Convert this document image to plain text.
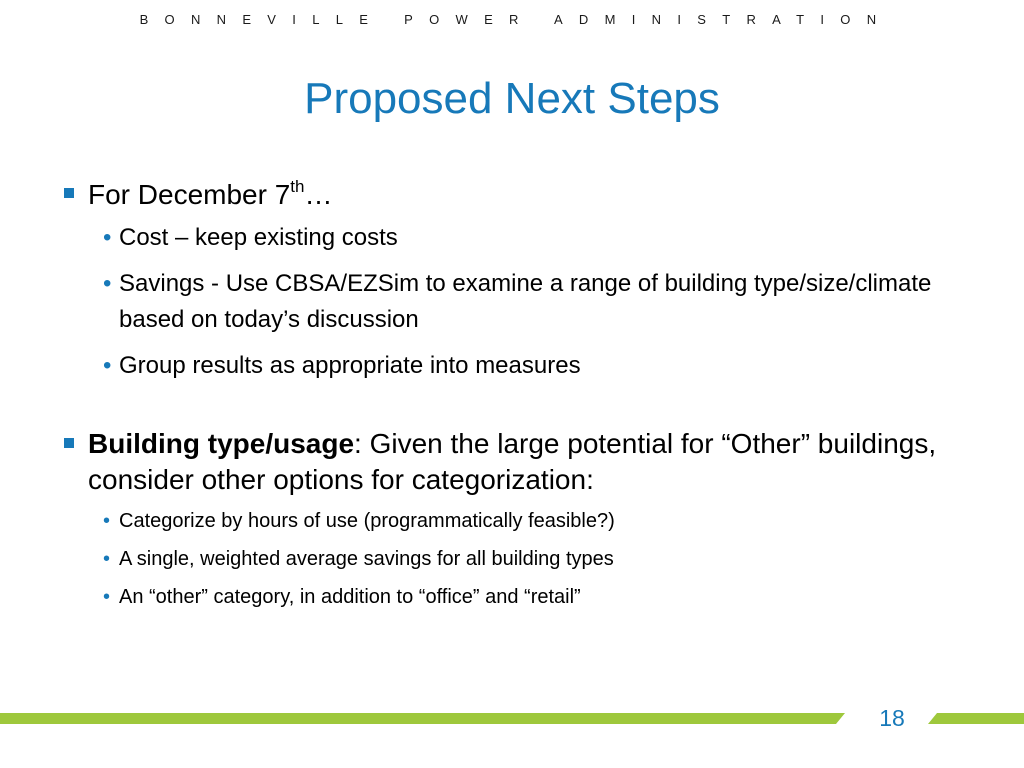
BONNEVILLE POWER ADMINISTRATION
Proposed Next Steps

For December 7th…

• Cost – keep existing costs

• Savings - Use CBSA/EZSim to examine a range of building type/size/climate based on today’s discussion

• Group results as appropriate into measures

Building type/usage: Given the large potential for “Other” buildings, consider other options for categorization:

• Categorize by hours of use (programmatically feasible?)

• A single, weighted average savings for all building types

• An “other” category, in addition to “office” and “retail”

18
